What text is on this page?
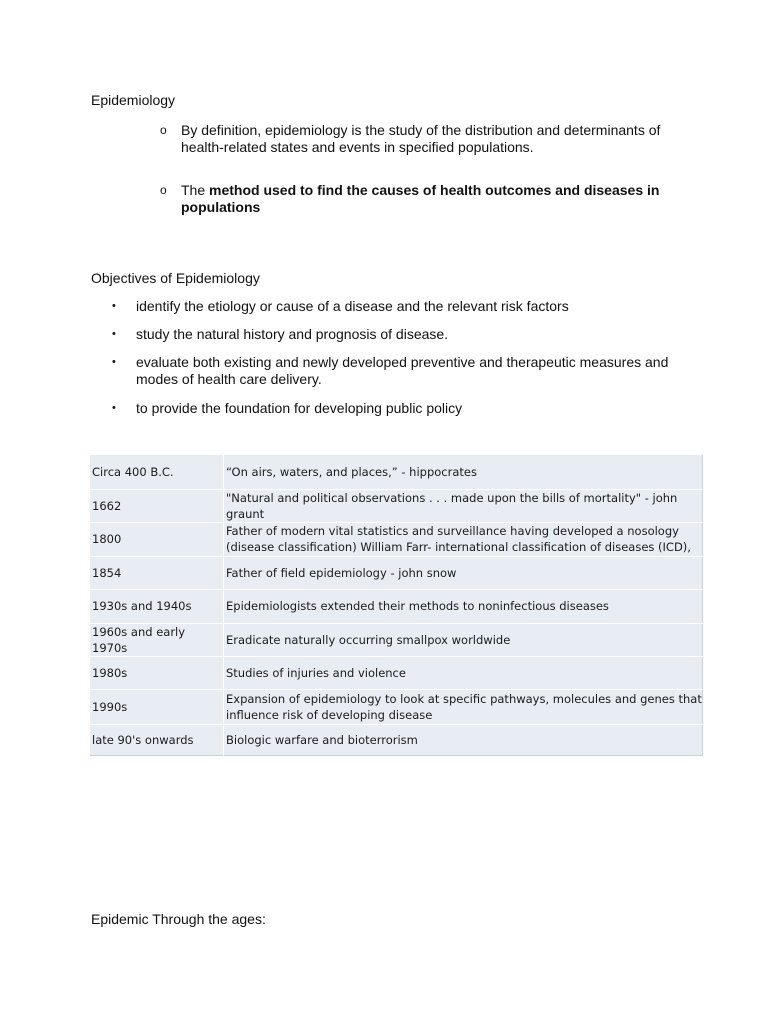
Epidemiology
o By definition, epidemiology is the study of the distribution and determinants of health-related states and events in specified populations.
o The method used to find the causes of health outcomes and diseases in populations
Objectives of Epidemiology
• identify the etiology or cause of a disease and the relevant risk factors
• study the natural history and prognosis of disease.
• evaluate both existing and newly developed preventive and therapeutic measures and modes of health care delivery.
• to provide the foundation for developing public policy
Circa 400 B.C.	“On airs, waters, and places,” - hippocrates
1662	"Natural and political observations . . . made upon the bills of mortality" - john graunt
1800	Father of modern vital statistics and surveillance having developed a nosology (disease classification) William Farr- international classification of diseases (ICD),
1854	Father of field epidemiology - john snow
1930s and 1940s	Epidemiologists extended their methods to noninfectious diseases
1960s and early 1970s	Eradicate naturally occurring smallpox worldwide
1980s	Studies of injuries and violence
1990s	Expansion of epidemiology to look at specific pathways, molecules and genes that influence risk of developing disease
late 90's onwards	Biologic warfare and bioterrorism
Epidemic Through the ages:
